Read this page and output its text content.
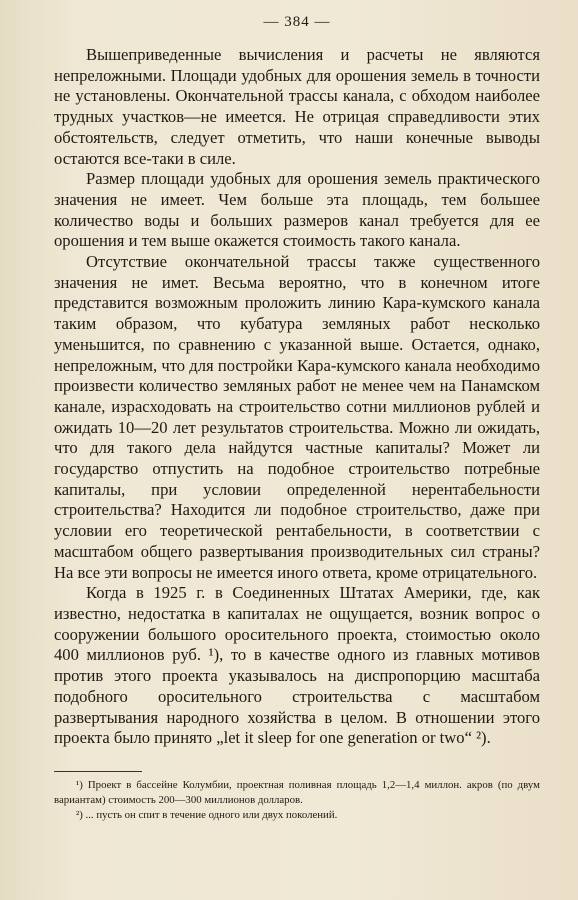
— 384 —

Вышеприведенные вычисления и расчеты не являются непреложными. Площади удобных для орошения земель в точности не установлены. Окончательной трассы канала, с обходом наиболее трудных участков—не имеется. Не отрицая справедливости этих обстоятельств, следует отметить, что наши конечные выводы остаются все-таки в силе.

Размер площади удобных для орошения земель практического значения не имеет. Чем больше эта площадь, тем большее количество воды и больших размеров канал требуется для ее орошения и тем выше окажется стоимость такого канала.

Отсутствие окончательной трассы также существенного значения не имет. Весьма вероятно, что в конечном итоге представится возможным проложить линию Кара-кумского канала таким образом, что кубатура земляных работ несколько уменьшится, по сравнению с указанной выше. Остается, однако, непреложным, что для постройки Кара-кумского канала необходимо произвести количество земляных работ не менее чем на Панамском канале, израсходовать на строительство сотни миллионов рублей и ожидать 10—20 лет результатов строительства. Можно ли ожидать, что для такого дела найдутся частные капиталы? Может ли государство отпустить на подобное строительство потребные капиталы, при условии определенной нерентабельности строительства? Находится ли подобное строительство, даже при условии его теоретической рентабельности, в соответствии с масштабом общего развертывания производительных сил страны? На все эти вопросы не имеется иного ответа, кроме отрицательного.

Когда в 1925 г. в Соединенных Штатах Америки, где, как известно, недостатка в капиталах не ощущается, возник вопрос о сооружении большого оросительного проекта, стоимостью около 400 миллионов руб. ¹), то в качестве одного из главных мотивов против этого проекта указывалось на диспропорцию масштаба подобного оросительного строительства с масштабом развертывания народного хозяйства в целом. В отношении этого проекта было принято „let it sleep for one generation or two“ ²).

¹) Проект в бассейне Колумбии, проектная поливная площадь 1,2—1,4 миллон. акров (по двум вариантам) стоимость 200—300 миллионов долларов.

²) ... пусть он спит в течение одного или двух поколений.
